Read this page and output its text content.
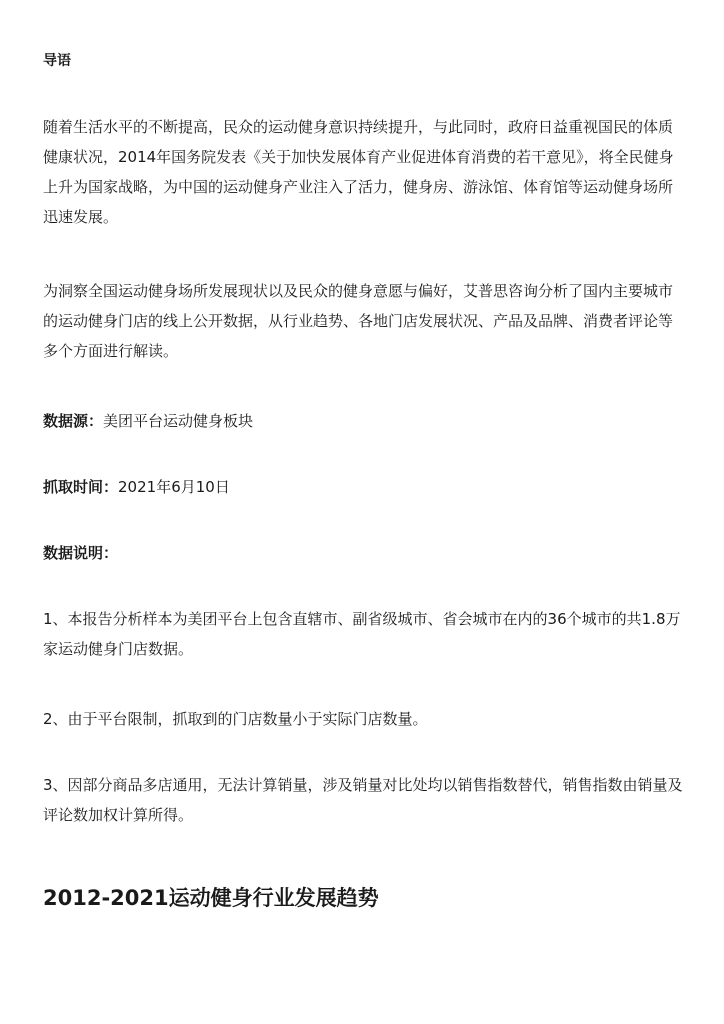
导语

随着生活水平的不断提高，民众的运动健身意识持续提升，与此同时，政府日益重视国民的体质健康状况，2014年国务院发表《关于加快发展体育产业促进体育消费的若干意见》，将全民健身上升为国家战略，为中国的运动健身产业注入了活力，健身房、游泳馆、体育馆等运动健身场所迅速发展。

为洞察全国运动健身场所发展现状以及民众的健身意愿与偏好，艾普思咨询分析了国内主要城市的运动健身门店的线上公开数据，从行业趋势、各地门店发展状况、产品及品牌、消费者评论等多个方面进行解读。

数据源：美团平台运动健身板块

抓取时间：2021年6月10日

数据说明：

1、本报告分析样本为美团平台上包含直辖市、副省级城市、省会城市在内的36个城市的共1.8万家运动健身门店数据。

2、由于平台限制，抓取到的门店数量小于实际门店数量。

3、因部分商品多店通用，无法计算销量，涉及销量对比处均以销售指数替代，销售指数由销量及评论数加权计算所得。

2012-2021运动健身行业发展趋势
